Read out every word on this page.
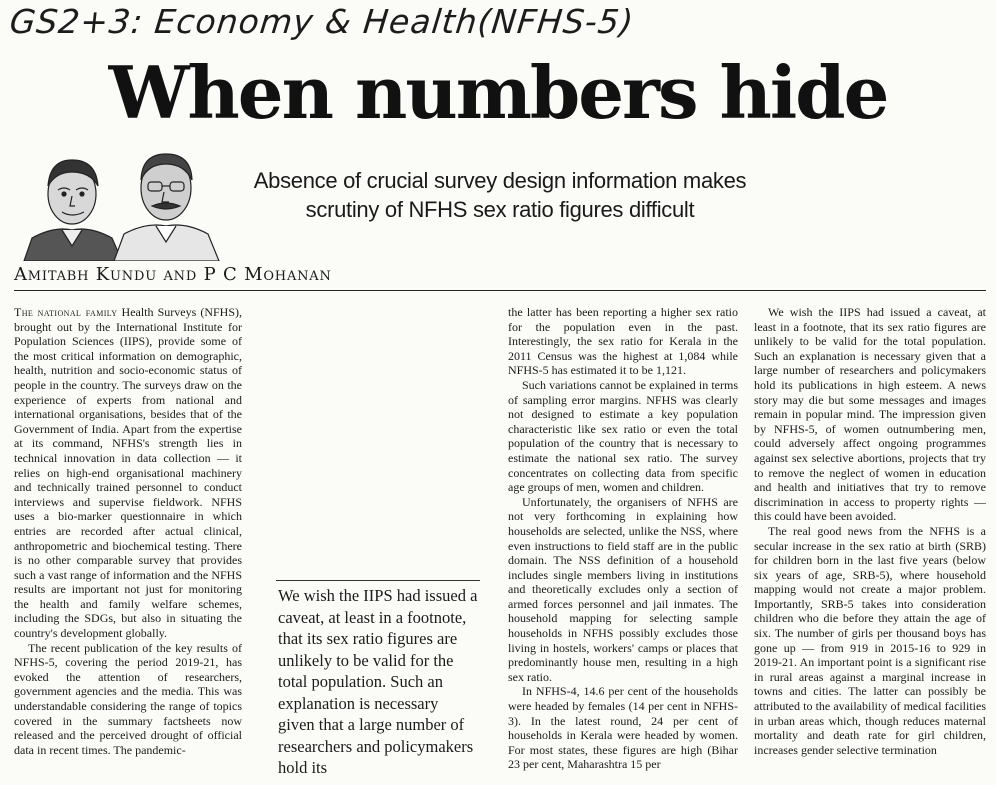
GS2+3: Economy & Health(NFHS-5)
When numbers hide
Absence of crucial survey design information makes scrutiny of NFHS sex ratio figures difficult
Amitabh Kundu and P C Mohanan

The national family Health Surveys (NFHS), brought out by the International Institute for Population Sciences (IIPS), provide some of the most critical information on demographic, health, nutrition and socio-economic status of people in the country. The surveys draw on the experience of experts from national and international organisations, besides that of the Government of India. Apart from the expertise at its command, NFHS's strength lies in technical innovation in data collection — it relies on high-end organisational machinery and technically trained personnel to conduct interviews and supervise fieldwork. NFHS uses a bio-marker questionnaire in which entries are recorded after actual clinical, anthropometric and biochemical testing. There is no other comparable survey that provides such a vast range of information and the NFHS results are important not just for monitoring the health and family welfare schemes, including the SDGs, but also in situating the country's development globally.

The recent publication of the key results of NFHS-5, covering the period 2019-21, has evoked the attention of researchers, government agencies and the media. This was understandable considering the range of topics covered in the summary factsheets now released and the perceived drought of official data in recent times. The pandemic-

We wish the IIPS had issued a caveat, at least in a footnote, that its sex ratio figures are unlikely to be valid for the total population. Such an explanation is necessary given that a large number of researchers and policymakers hold its

the latter has been reporting a higher sex ratio for the population even in the past. Interestingly, the sex ratio for Kerala in the 2011 Census was the highest at 1,084 while NFHS-5 has estimated it to be 1,121.

Such variations cannot be explained in terms of sampling error margins. NFHS was clearly not designed to estimate a key population characteristic like sex ratio or even the total population of the country that is necessary to estimate the national sex ratio. The survey concentrates on collecting data from specific age groups of men, women and children.

Unfortunately, the organisers of NFHS are not very forthcoming in explaining how households are selected, unlike the NSS, where even instructions to field staff are in the public domain. The NSS definition of a household includes single members living in institutions and theoretically excludes only a section of armed forces personnel and jail inmates. The household mapping for selecting sample households in NFHS possibly excludes those living in hostels, workers' camps or places that predominantly house men, resulting in a high sex ratio.

In NFHS-4, 14.6 per cent of the households were headed by females (14 per cent in NFHS-3). In the latest round, 24 per cent of households in Kerala were headed by women. For most states, these figures are high (Bihar 23 per cent, Maharashtra 15 per

We wish the IIPS had issued a caveat, at least in a footnote, that its sex ratio figures are unlikely to be valid for the total population. Such an explanation is necessary given that a large number of researchers and policymakers hold its publications in high esteem. A news story may die but some messages and images remain in popular mind. The impression given by NFHS-5, of women outnumbering men, could adversely affect ongoing programmes against sex selective abortions, projects that try to remove the neglect of women in education and health and initiatives that try to remove discrimination in access to property rights — this could have been avoided.

The real good news from the NFHS is a secular increase in the sex ratio at birth (SRB) for children born in the last five years (below six years of age, SRB-5), where household mapping would not create a major problem. Importantly, SRB-5 takes into consideration children who die before they attain the age of six. The number of girls per thousand boys has gone up — from 919 in 2015-16 to 929 in 2019-21. An important point is a significant rise in rural areas against a marginal increase in towns and cities. The latter can possibly be attributed to the availability of medical facilities in urban areas which, though reduces maternal mortality and death rate for girl children, increases gender selective termination
